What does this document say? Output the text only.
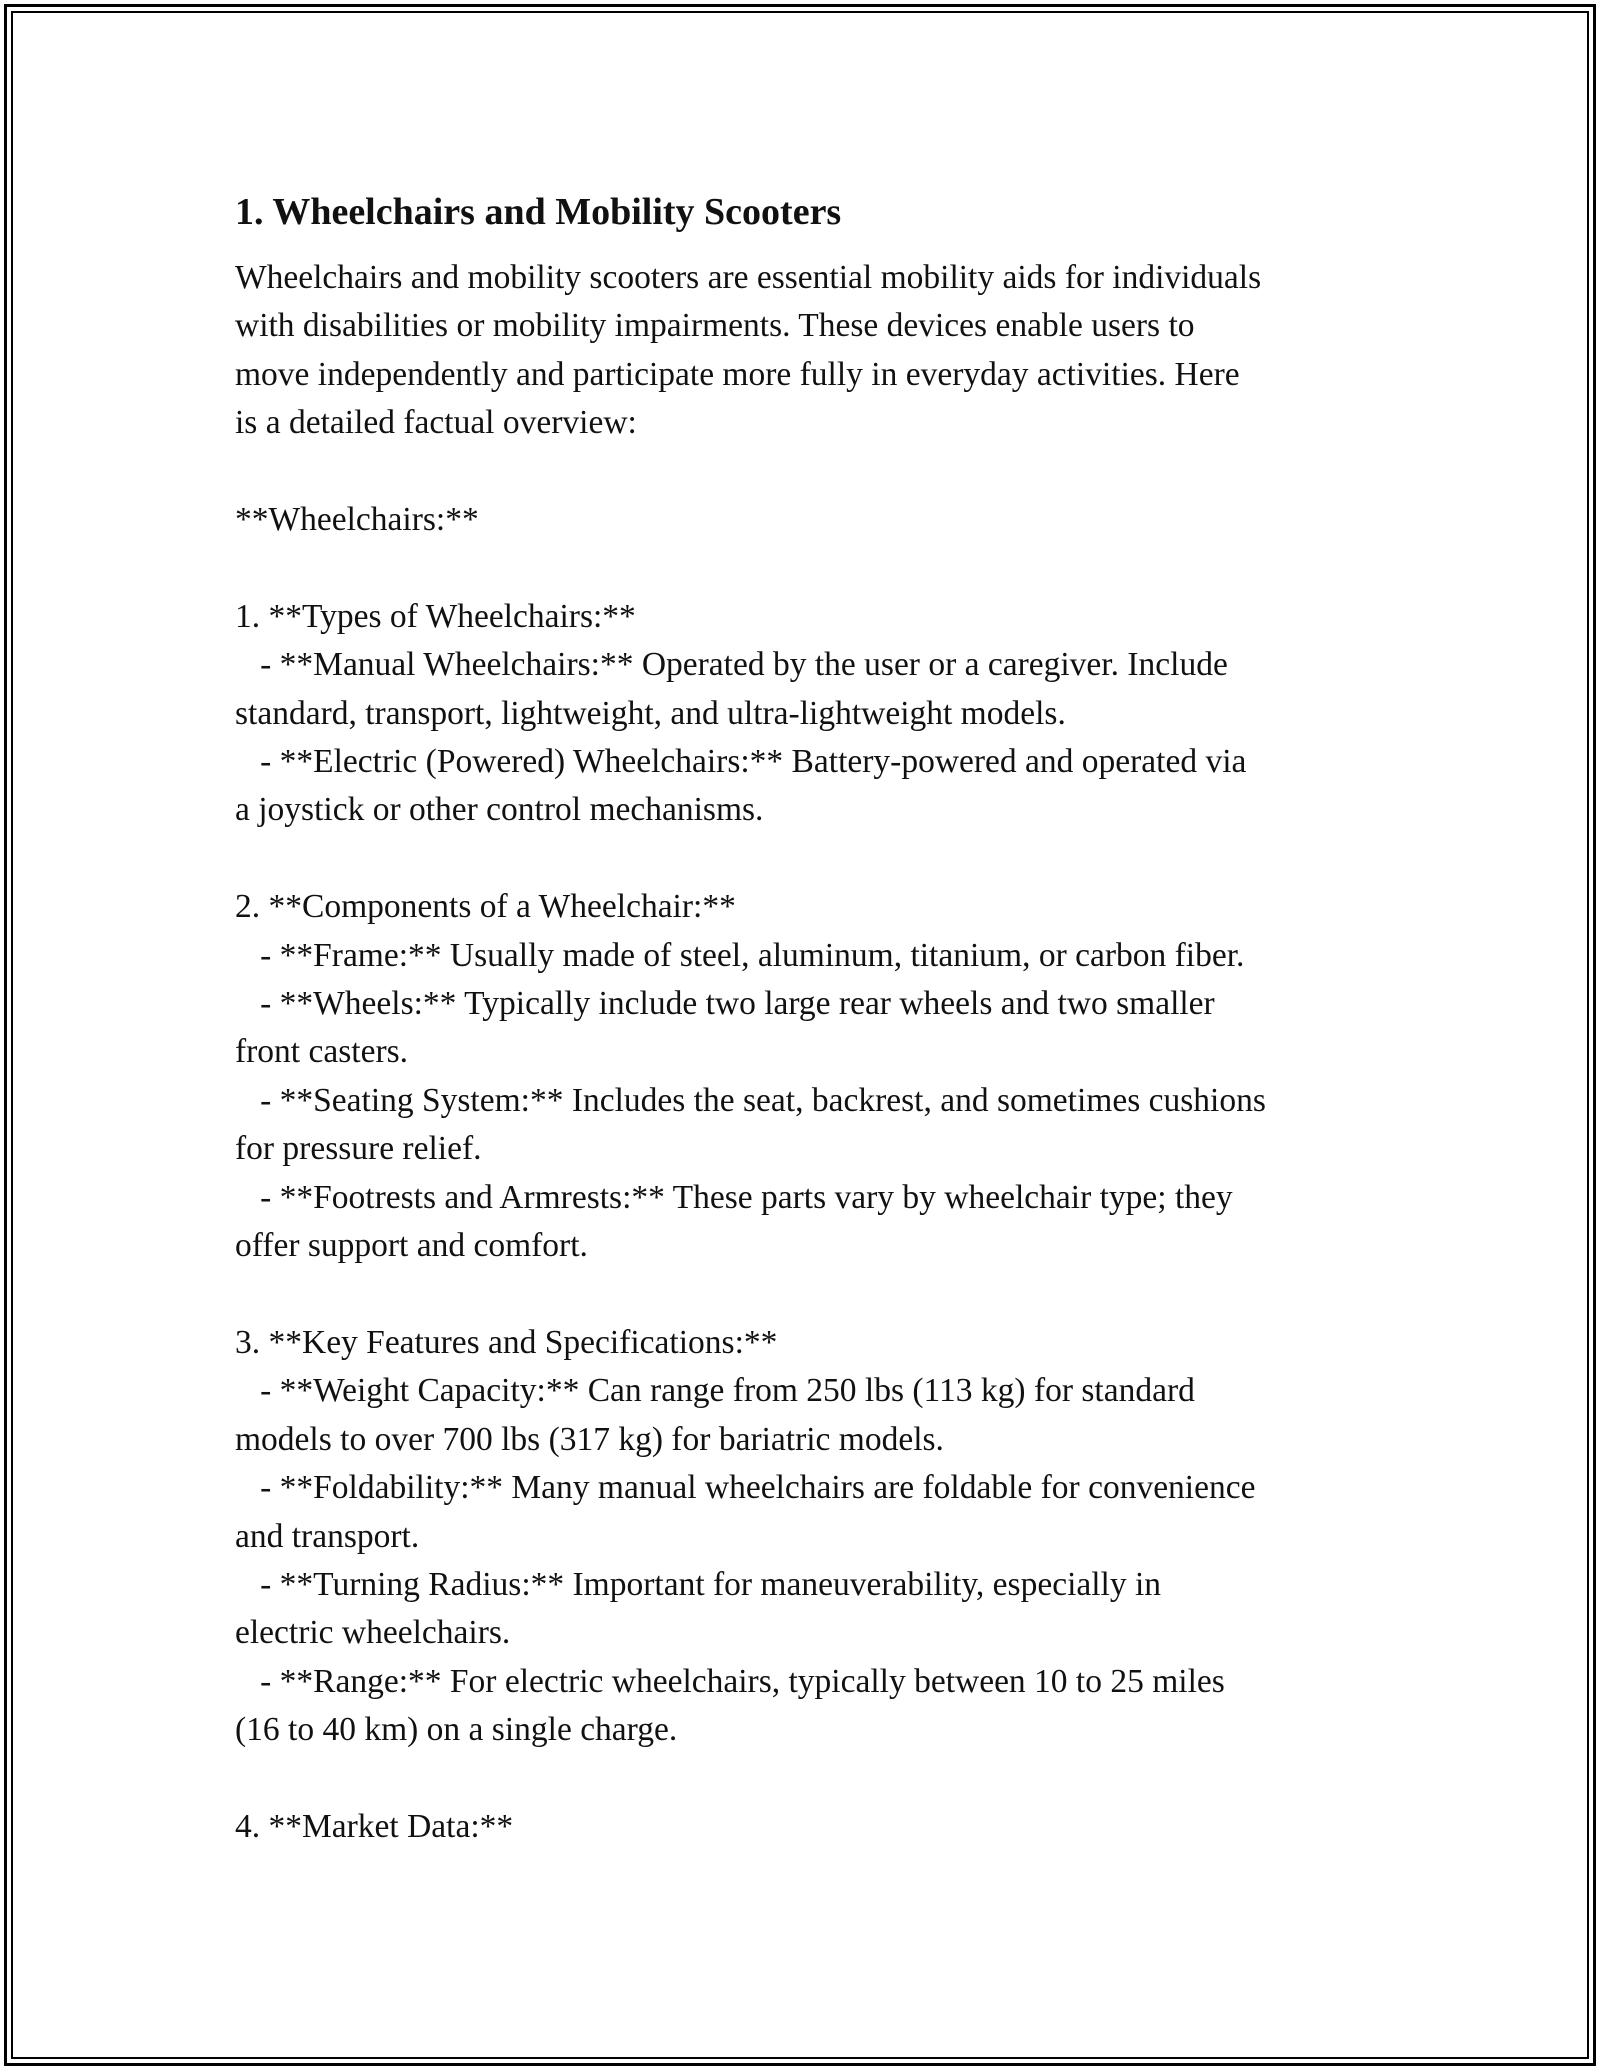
1. Wheelchairs and Mobility Scooters

Wheelchairs and mobility scooters are essential mobility aids for individuals

with disabilities or mobility impairments. These devices enable users to

move independently and participate more fully in everyday activities. Here

is a detailed factual overview:

**Wheelchairs:**

1. **Types of Wheelchairs:**

- **Manual Wheelchairs:** Operated by the user or a caregiver. Include

standard, transport, lightweight, and ultra-lightweight models.

- **Electric (Powered) Wheelchairs:** Battery-powered and operated via

a joystick or other control mechanisms.

2. **Components of a Wheelchair:**

- **Frame:** Usually made of steel, aluminum, titanium, or carbon fiber.

- **Wheels:** Typically include two large rear wheels and two smaller

front casters.

- **Seating System:** Includes the seat, backrest, and sometimes cushions

for pressure relief.

- **Footrests and Armrests:** These parts vary by wheelchair type; they

offer support and comfort.

3. **Key Features and Specifications:**

- **Weight Capacity:** Can range from 250 lbs (113 kg) for standard

models to over 700 lbs (317 kg) for bariatric models.

- **Foldability:** Many manual wheelchairs are foldable for convenience

and transport.

- **Turning Radius:** Important for maneuverability, especially in

electric wheelchairs.

- **Range:** For electric wheelchairs, typically between 10 to 25 miles

(16 to 40 km) on a single charge.

4. **Market Data:**
